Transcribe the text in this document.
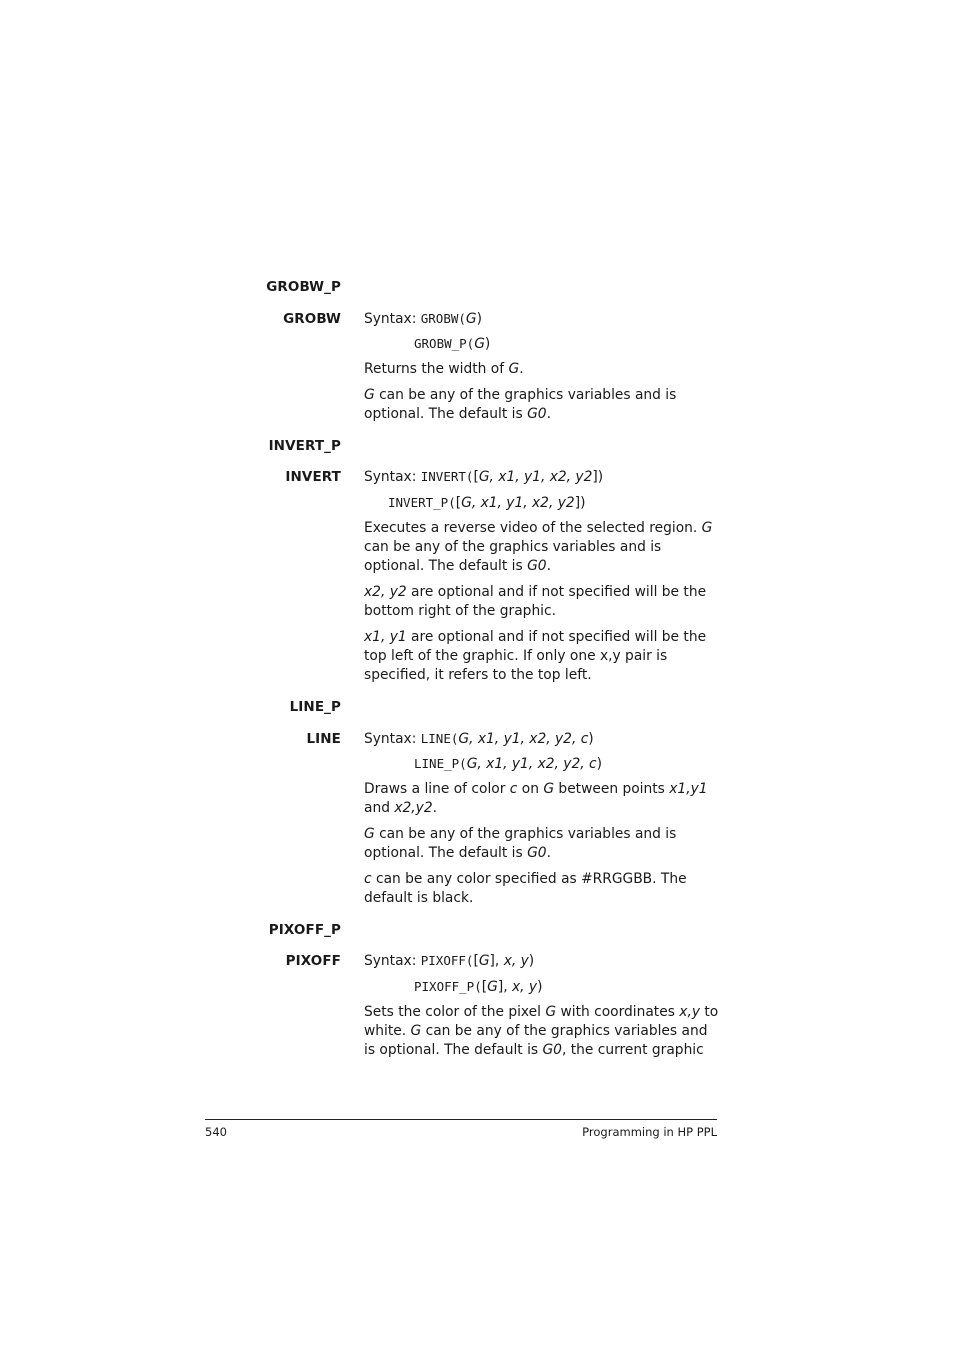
GROBW_P
GROBW Syntax: GROBW(G)
GROBW_P(G)
Returns the width of G.
G can be any of the graphics variables and is optional. The default is G0.
INVERT_P
INVERT Syntax: INVERT([G, x1, y1, x2, y2])
INVERT_P([G, x1, y1, x2, y2])
Executes a reverse video of the selected region. G can be any of the graphics variables and is optional. The default is G0.
x2, y2 are optional and if not specified will be the bottom right of the graphic.
x1, y1 are optional and if not specified will be the top left of the graphic. If only one x,y pair is specified, it refers to the top left.
LINE_P
LINE Syntax: LINE(G, x1, y1, x2, y2, c)
LINE_P(G, x1, y1, x2, y2, c)
Draws a line of color c on G between points x1,y1 and x2,y2.
G can be any of the graphics variables and is optional. The default is G0.
c can be any color specified as #RRGGBB. The default is black.
PIXOFF_P
PIXOFF Syntax: PIXOFF([G], x, y)
PIXOFF_P([G], x, y)
Sets the color of the pixel G with coordinates x,y to white. G can be any of the graphics variables and is optional. The default is G0, the current graphic
540	Programming in HP PPL
